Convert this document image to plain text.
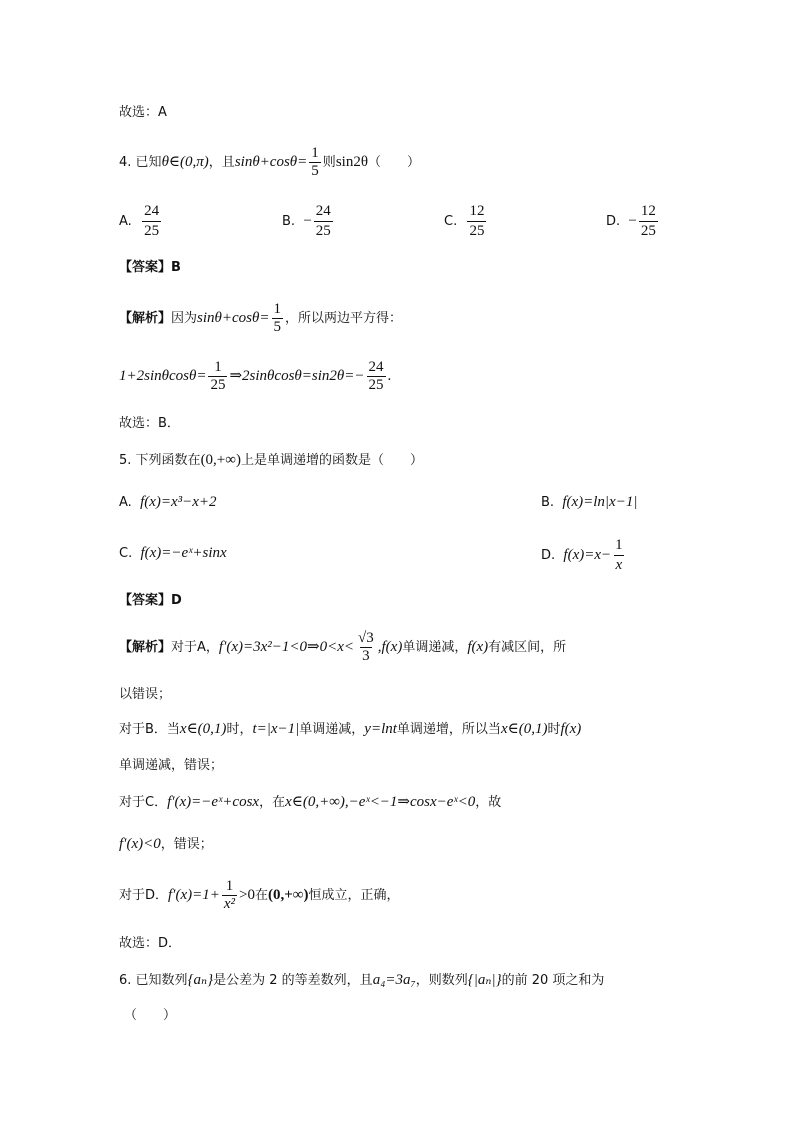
故选：A
4.
已知 θ∈(0,π) ，且 $\sin\theta+\cos\theta= \frac{1}{5}$ 则 sin2θ （　　）
A.
$\frac{24}{25}$	B.
− $\frac{24}{25}$	C.
$\frac{12}{25}$	D.
− $\frac{12}{25}$
【答案】B
【解析】 因为 $\sin\theta+\cos\theta= \frac{1}{5}$ ，所以两边平方得：
$1+2\sin\theta\cos\theta= \frac{1}{25}$ ⇒2sinθcosθ=sin2θ=− $\frac{24}{25}$ .
故选：B．
5.
下列函数在 (0,+∞) 上是单调递增的函数是（　　）
A.
f(x)=x³−x+2	B.
f(x)=ln|x−1|
C.
f(x)=−eˣ+sinx	D.
$f(x)=x- \frac{1}{x}$
【答案】D
【解析】 对于A， f′(x)=3x²−1<0⇒0<x< $\frac{√3}{3} ,f(x)$ 单调递减， f(x) 有减区间，所
以错误；
对于B．当 x∈(0,1) 时， t=|x−1| 单调递减， y=lnt 单调递增，所以当 x∈(0,1) 时 f(x)
单调递减，错误；
对于C． f′(x)=−eˣ+cosx ，在 x∈(0,+∞),−eˣ<−1⇒cosx−eˣ<0 ，故
f′(x)<0 ，错误；
对于D． $f'(x)=1+ \frac{1}{\text{x²}} >0$ 在 (0,+∞) 恒成立，正确，
故选：D．
6.
已知数列 {aₙ} 是公差为 2 的等差数列，且 a₄=3a₇ ，则数列 {|aₙ|} 的前 20 项之和为
（　　）
